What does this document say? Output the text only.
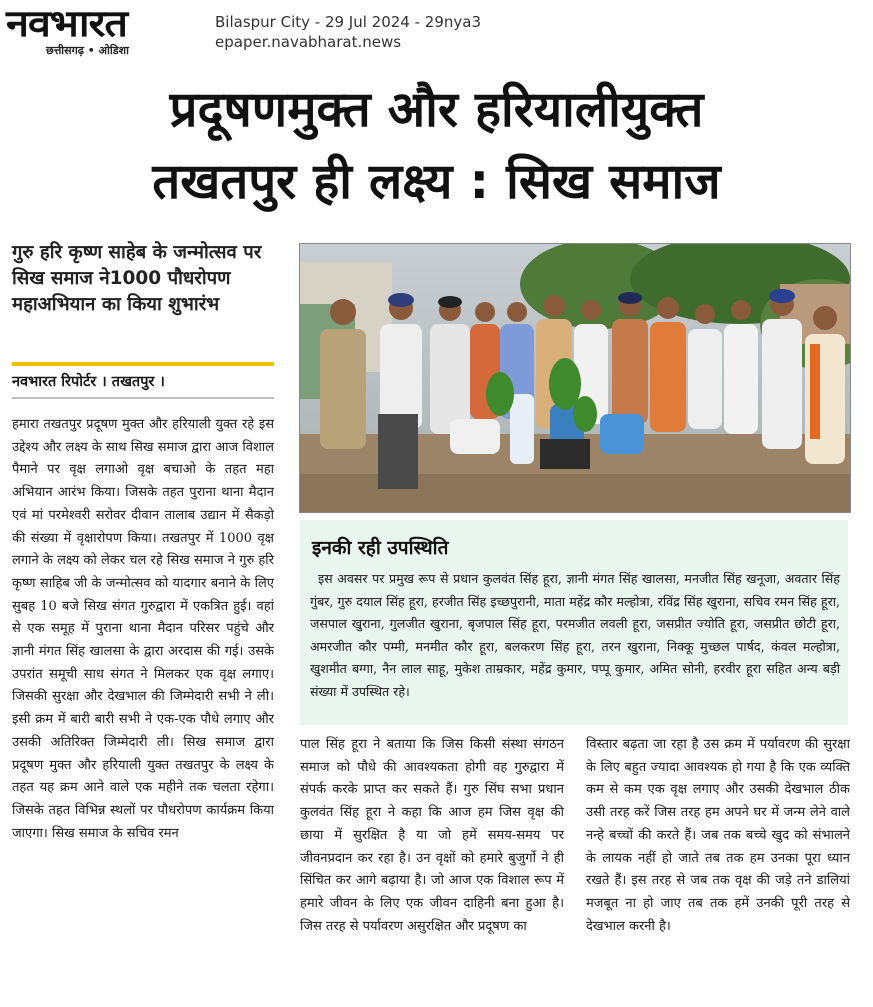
नवभारत
छत्तीसगढ़ • ओडिशा
Bilaspur City - 29 Jul 2024 - 29nya3
epaper.navabharat.news
प्रदूषणमुक्त और हरियालीयुक्त
तखतपुर ही लक्ष्य : सिख समाज
गुरु हरि कृष्ण साहेब के जन्मोत्सव पर सिख समाज ने1000 पौधरोपण महाअभियान का किया शुभारंभ
नवभारत रिपोर्टर । तखतपुर ।
हमारा तखतपुर प्रदूषण मुक्त और हरियाली युक्त रहे इस उद्देश्य और लक्ष्य के साथ सिख समाज द्वारा आज विशाल पैमाने पर वृक्ष लगाओ वृक्ष बचाओ के तहत महा अभियान आरंभ किया। जिसके तहत पुराना थाना मैदान एवं मां परमेश्वरी सरोवर दीवान तालाब उद्यान में सैकड़ो की संख्या में वृक्षारोपण किया। तखतपुर में 1000 वृक्ष लगाने के लक्ष्य को लेकर चल रहे सिख समाज ने गुरु हरि कृष्ण साहिब जी के जन्मोत्सव को यादगार बनाने के लिए सुबह 10 बजे सिख संगत गुरुद्वारा में एकत्रित हुई। वहां से एक समूह में पुराना थाना मैदान परिसर पहुंचे और ज्ञानी मंगत सिंह खालसा के द्वारा अरदास की गई। उसके उपरांत समूची साध संगत ने मिलकर एक वृक्ष लगाए। जिसकी सुरक्षा और देखभाल की जिम्मेदारी सभी ने ली। इसी क्रम में बारी बारी सभी ने एक-एक पौधे लगाए और उसकी अतिरिक्त जिम्मेदारी ली। सिख समाज द्वारा प्रदूषण मुक्त और हरियाली युक्त तखतपुर के लक्ष्य के तहत यह क्रम आने वाले एक महीने तक चलता रहेगा। जिसके तहत विभिन्न स्थलों पर पौधरोपण कार्यक्रम किया जाएगा। सिख समाज के सचिव रमन
इनकी रही उपस्थिति
इस अवसर पर प्रमुख रूप से प्रधान कुलवंत सिंह हूरा, ज्ञानी मंगत सिंह खालसा, मनजीत सिंह खनूजा, अवतार सिंह गुंबर, गुरु दयाल सिंह हूरा, हरजीत सिंह इच्छपुरानी, माता महेंद्र कौर मल्होत्रा, रविंद्र सिंह खुराना, सचिव रमन सिंह हूरा, जसपाल खुराना, गुलजीत खुराना, बृजपाल सिंह हूरा, परमजीत लवली हूरा, जसप्रीत ज्योति हूरा, जसप्रीत छोटी हूरा, अमरजीत कौर पम्मी, मनमीत कौर हूरा, बलकरण सिंह हूरा, तरन खुराना, निक्कू मुच्छल पार्षद, कंवल मल्होत्रा, खुशमीत बग्गा, नैन लाल साहू, मुकेश ताम्रकार, महेंद्र कुमार, पप्पू कुमार, अमित सोनी, हरवीर हूरा सहित अन्य बड़ी संख्या में उपस्थित रहे।
पाल सिंह हूरा ने बताया कि जिस किसी संस्था संगठन समाज को पौधे की आवश्यकता होगी वह गुरुद्वारा में संपर्क करके प्राप्त कर सकते हैं। गुरु सिंघ सभा प्रधान कुलवंत सिंह हूरा ने कहा कि आज हम जिस वृक्ष की छाया में सुरक्षित है या जो हमें समय-समय पर जीवनप्रदान कर रहा है। उन वृक्षों को हमारे बुजुर्गो ने ही सिंचित कर आगे बढ़ाया है। जो आज एक विशाल रूप में हमारे जीवन के लिए एक जीवन दाहिनी बना हुआ है। जिस तरह से पर्यावरण असुरक्षित और प्रदूषण का
विस्तार बढ़ता जा रहा है उस क्रम में पर्यावरण की सुरक्षा के लिए बहुत ज्यादा आवश्यक हो गया है कि एक व्यक्ति कम से कम एक वृक्ष लगाए और उसकी देखभाल ठीक उसी तरह करें जिस तरह हम अपने घर में जन्म लेने वाले नन्हे बच्चों की करते हैं। जब तक बच्चे खुद को संभालने के लायक नहीं हो जाते तब तक हम उनका पूरा ध्यान रखते हैं। इस तरह से जब तक वृक्ष की जड़े तने डालियां मजबूत ना हो जाए तब तक हमें उनकी पूरी तरह से देखभाल करनी है।
